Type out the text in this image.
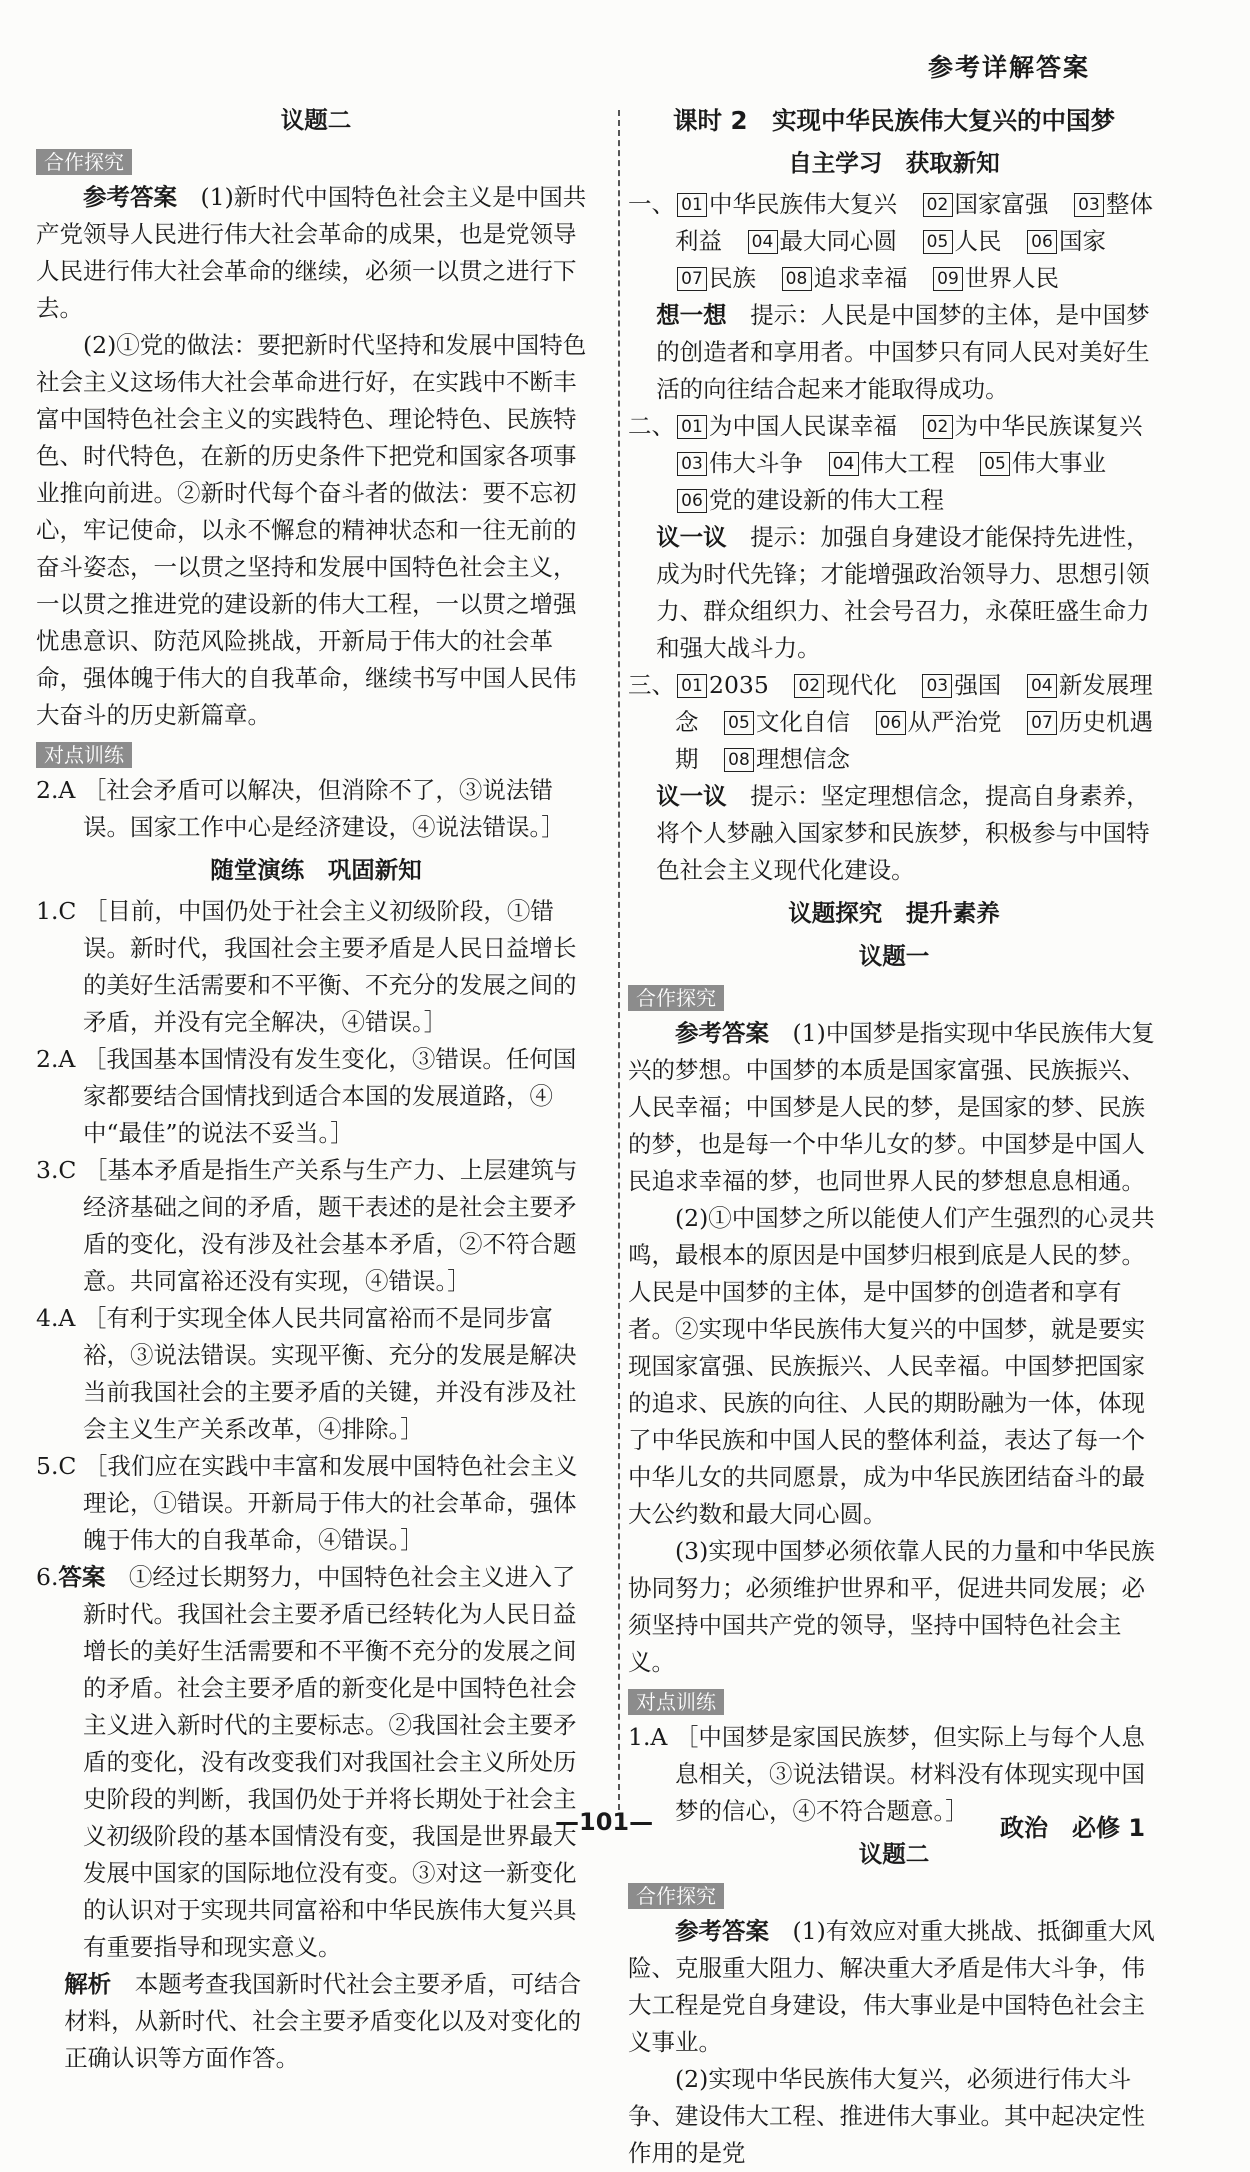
参考详解答案

议题二

合作探究

参考答案　 (1)新时代中国特色社会主义是中国共产党领导人民进行伟大社会革命的成果，也是党领导人民进行伟大社会革命的继续，必须一以贯之进行下去。

(2)①党的做法：要把新时代坚持和发展中国特色社会主义这场伟大社会革命进行好，在实践中不断丰富中国特色社会主义的实践特色、理论特色、民族特色、时代特色，在新的历史条件下把党和国家各项事业推向前进。②新时代每个奋斗者的做法：要不忘初心，牢记使命，以永不懈怠的精神状态和一往无前的奋斗姿态，一以贯之坚持和发展中国特色社会主义，一以贯之推进党的建设新的伟大工程，一以贯之增强忧患意识、防范风险挑战，开新局于伟大的社会革命，强体魄于伟大的自我革命，继续书写中国人民伟大奋斗的历史新篇章。

对点训练

2.A ［社会矛盾可以解决，但消除不了，③说法错误。国家工作中心是经济建设，④说法错误。］

随堂演练　巩固新知

1.C ［目前，中国仍处于社会主义初级阶段，①错误。新时代，我国社会主要矛盾是人民日益增长的美好生活需要和不平衡、不充分的发展之间的矛盾，并没有完全解决，④错误。］

2.A ［我国基本国情没有发生变化，③错误。任何国家都要结合国情找到适合本国的发展道路，④中“最佳”的说法不妥当。］

3.C ［基本矛盾是指生产关系与生产力、上层建筑与经济基础之间的矛盾，题干表述的是社会主要矛盾的变化，没有涉及社会基本矛盾，②不符合题意。共同富裕还没有实现，④错误。］

4.A ［有利于实现全体人民共同富裕而不是同步富裕，③说法错误。实现平衡、充分的发展是解决当前我国社会的主要矛盾的关键，并没有涉及社会主义生产关系改革，④排除。］

5.C ［我们应在实践中丰富和发展中国特色社会主义理论，①错误。开新局于伟大的社会革命，强体魄于伟大的自我革命，④错误。］

6.答案　 ①经过长期努力，中国特色社会主义进入了新时代。我国社会主要矛盾已经转化为人民日益增长的美好生活需要和不平衡不充分的发展之间的矛盾。社会主要矛盾的新变化是中国特色社会主义进入新时代的主要标志。②我国社会主要矛盾的变化，没有改变我们对我国社会主义所处历史阶段的判断，我国仍处于并将长期处于社会主义初级阶段的基本国情没有变，我国是世界最大发展中国家的国际地位没有变。③对这一新变化的认识对于实现共同富裕和中华民族伟大复兴具有重要指导和现实意义。

解析　 本题考查我国新时代社会主要矛盾，可结合材料，从新时代、社会主要矛盾变化以及对变化的正确认识等方面作答。

课时 2　实现中华民族伟大复兴的中国梦

自主学习　获取新知

一、 01 中华民族伟大复兴　 02 国家富强　 03 整体利益　 04 最大同心圆　 05 人民　 06 国家　07 民族　 08 追求幸福　 09 世界人民

想一想　 提示：人民是中国梦的主体，是中国梦的创造者和享用者。中国梦只有同人民对美好生活的向往结合起来才能取得成功。

二、 01 为中国人民谋幸福　 02 为中华民族谋复兴　03 伟大斗争　 04 伟大工程　 05 伟大事业　06 党的建设新的伟大工程

议一议　 提示：加强自身建设才能保持先进性，成为时代先锋；才能增强政治领导力、思想引领力、群众组织力、社会号召力，永葆旺盛生命力和强大战斗力。

三、 01 2035　 02 现代化　 03 强国　 04 新发展理念　 05 文化自信　 06 从严治党　 07 历史机遇期　 08 理想信念

议一议　 提示：坚定理想信念，提高自身素养，将个人梦融入国家梦和民族梦，积极参与中国特色社会主义现代化建设。

议题探究　提升素养

议题一

合作探究

参考答案　 (1)中国梦是指实现中华民族伟大复兴的梦想。中国梦的本质是国家富强、民族振兴、人民幸福；中国梦是人民的梦，是国家的梦、民族的梦，也是每一个中华儿女的梦。中国梦是中国人民追求幸福的梦，也同世界人民的梦想息息相通。

(2)①中国梦之所以能使人们产生强烈的心灵共鸣，最根本的原因是中国梦归根到底是人民的梦。人民是中国梦的主体，是中国梦的创造者和享有者。②实现中华民族伟大复兴的中国梦，就是要实现国家富强、民族振兴、人民幸福。中国梦把国家的追求、民族的向往、人民的期盼融为一体，体现了中华民族和中国人民的整体利益，表达了每一个中华儿女的共同愿景，成为中华民族团结奋斗的最大公约数和最大同心圆。

(3)实现中国梦必须依靠人民的力量和中华民族协同努力；必须维护世界和平，促进共同发展；必须坚持中国共产党的领导，坚持中国特色社会主义。

对点训练

1.A ［中国梦是家国民族梦，但实际上与每个人息息相关，③说法错误。材料没有体现实现中国梦的信心，④不符合题意。］

议题二

合作探究

参考答案　 (1)有效应对重大挑战、抵御重大风险、克服重大阻力、解决重大矛盾是伟大斗争，伟大工程是党自身建设，伟大事业是中国特色社会主义事业。

(2)实现中华民族伟大复兴，必须进行伟大斗争、建设伟大工程、推进伟大事业。其中起决定性作用的是党

—101—	政治　必修 1
